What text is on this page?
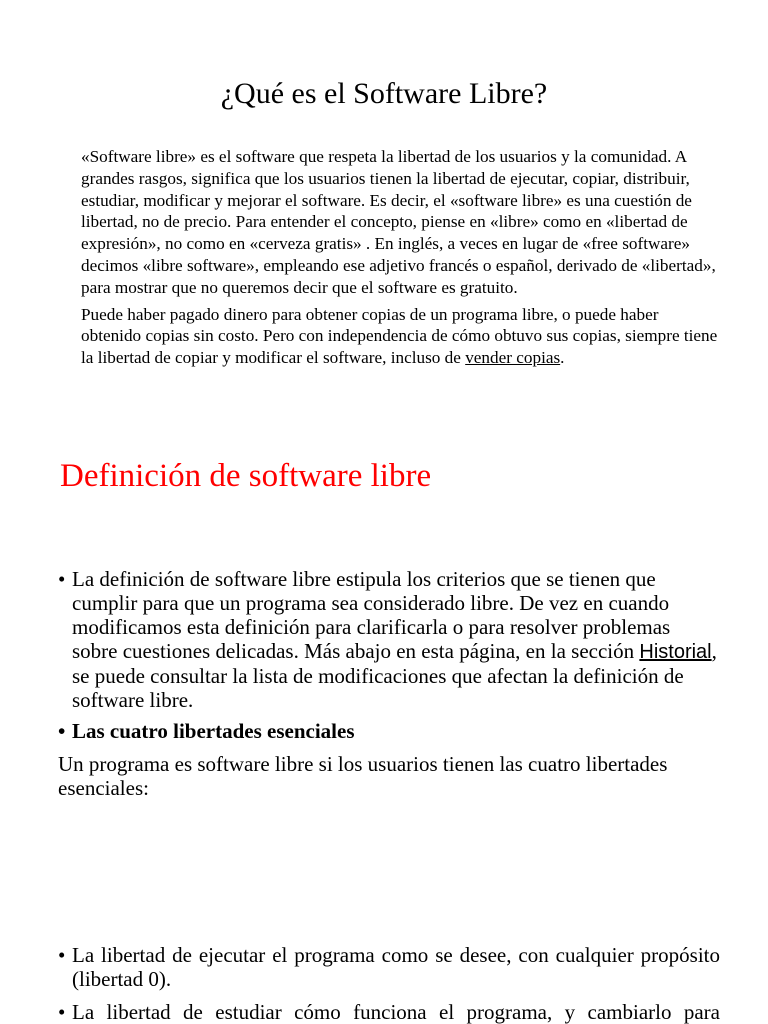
¿Qué es el Software Libre?

«Software libre» es el software que respeta la libertad de los usuarios y la comunidad. A grandes rasgos, significa que los usuarios tienen la libertad de ejecutar, copiar, distribuir, estudiar, modificar y mejorar el software. Es decir, el «software libre» es una cuestión de libertad, no de precio. Para entender el concepto, piense en «libre» como en «libertad de expresión», no como en «cerveza gratis» . En inglés, a veces en lugar de «free software» decimos «libre software», empleando ese adjetivo francés o español, derivado de «libertad», para mostrar que no queremos decir que el software es gratuito.

Puede haber pagado dinero para obtener copias de un programa libre, o puede haber obtenido copias sin costo. Pero con independencia de cómo obtuvo sus copias, siempre tiene la libertad de copiar y modificar el software, incluso de vender copias.

Definición de software libre
• La definición de software libre estipula los criterios que se tienen que cumplir para que un programa sea considerado libre. De vez en cuando modificamos esta definición para clarificarla o para resolver problemas sobre cuestiones delicadas. Más abajo en esta página, en la sección Historial, se puede consultar la lista de modificaciones que afectan la definición de software libre.
• Las cuatro libertades esenciales
Un programa es software libre si los usuarios tienen las cuatro libertades esenciales:
• La libertad de ejecutar el programa como se desee, con cualquier propósito (libertad 0).
• La libertad de estudiar cómo funciona el programa, y cambiarlo para
